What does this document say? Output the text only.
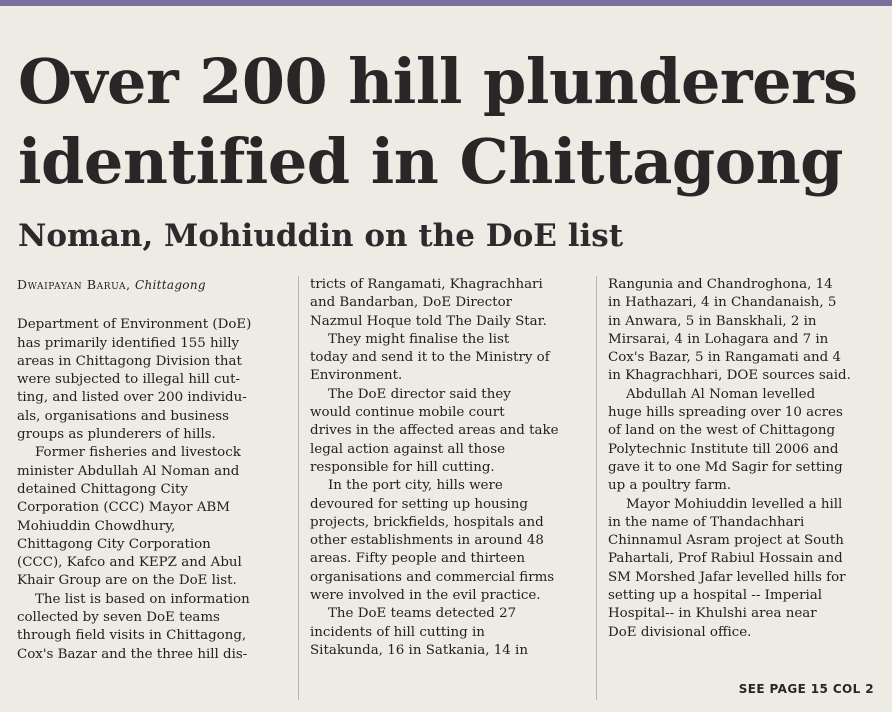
Over 200 hill plunderers
identified in Chittagong
Noman, Mohiuddin on the DoE list
Dwaipayan Barua, Chittagong

Department of Environment (DoE)
has primarily identified 155 hilly
areas in Chittagong Division that
were subjected to illegal hill cut-
ting, and listed over 200 individu-
als, organisations and business
groups as plunderers of hills.

Former fisheries and livestock
minister Abdullah Al Noman and
detained Chittagong City
Corporation (CCC) Mayor ABM
Mohiuddin Chowdhury,
Chittagong City Corporation
(CCC), Kafco and KEPZ and Abul
Khair Group are on the DoE list.

The list is based on information
collected by seven DoE teams
through field visits in Chittagong,
Cox's Bazar and the three hill dis-

tricts of Rangamati, Khagrachhari
and Bandarban, DoE Director
Nazmul Hoque told The Daily Star.

They might finalise the list
today and send it to the Ministry of
Environment.

The DoE director said they
would continue mobile court
drives in the affected areas and take
legal action against all those
responsible for hill cutting.

In the port city, hills were
devoured for setting up housing
projects, brickfields, hospitals and
other establishments in around 48
areas. Fifty people and thirteen
organisations and commercial firms
were involved in the evil practice.

The DoE teams detected 27
incidents of hill cutting in
Sitakunda, 16 in Satkania, 14 in

Rangunia and Chandroghona, 14
in Hathazari, 4 in Chandanaish, 5
in Anwara, 5 in Banskhali, 2 in
Mirsarai, 4 in Lohagara and 7 in
Cox's Bazar, 5 in Rangamati and 4
in Khagrachhari, DOE sources said.

Abdullah Al Noman levelled
huge hills spreading over 10 acres
of land on the west of Chittagong
Polytechnic Institute till 2006 and
gave it to one Md Sagir for setting
up a poultry farm.

Mayor Mohiuddin levelled a hill
in the name of Thandachhari
Chinnamul Asram project at South
Pahartali, Prof Rabiul Hossain and
SM Morshed Jafar levelled hills for
setting up a hospital -- Imperial
Hospital-- in Khulshi area near
DoE divisional office.

SEE PAGE 15 COL 2
